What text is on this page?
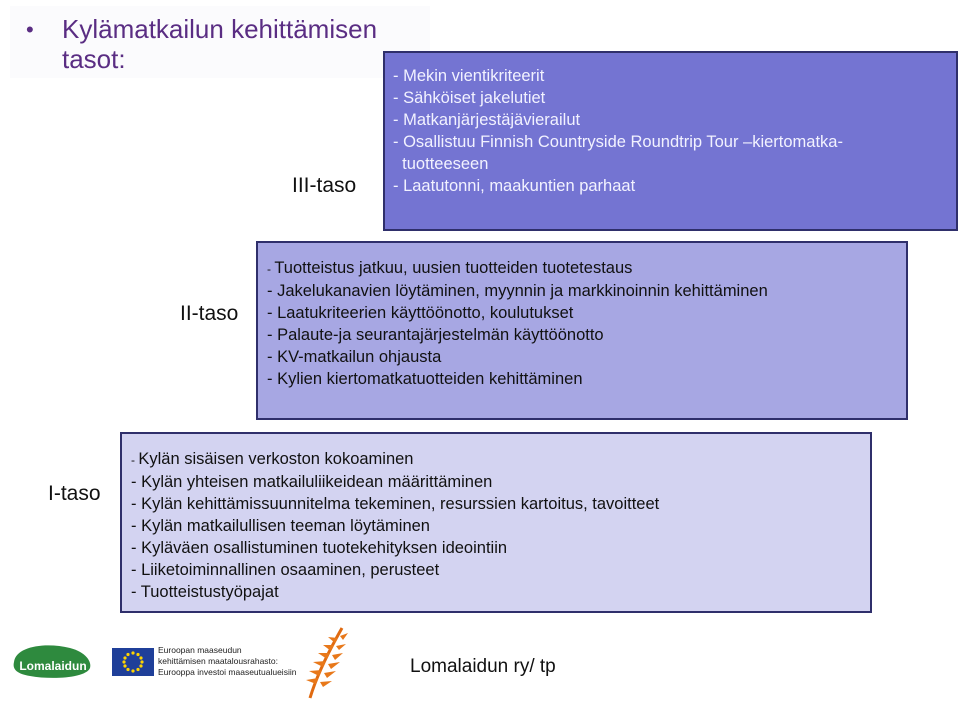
• Kylämatkailun kehittämisen tasot:
III-taso
- Mekin vientikriteerit
- Sähköiset jakelutiet
- Matkanjärjestäjävierailut
- Osallistuu Finnish Countryside Roundtrip Tour –kiertomatka-
tuotteeseen
- Laatutonni, maakuntien parhaat
II-taso
- Tuotteistus jatkuu, uusien tuotteiden tuotetestaus
- Jakelukanavien löytäminen, myynnin ja markkinoinnin kehittäminen
- Laatukriteerien käyttöönotto, koulutukset
- Palaute-ja seurantajärjestelmän käyttöönotto
- KV-matkailun ohjausta
- Kylien kiertomatkatuotteiden kehittäminen
I-taso
- Kylän sisäisen verkoston kokoaminen
- Kylän yhteisen matkailuliikeidean määrittäminen
- Kylän kehittämissuunnitelma tekeminen, resurssien kartoitus, tavoitteet
- Kylän matkailullisen teeman löytäminen
- Kyläväen osallistuminen tuotekehityksen ideointiin
- Liiketoiminnallinen osaaminen, perusteet
- Tuotteistustyöpajat
Lomalaidun
Euroopan maaseudun
kehittämisen maatalousrahasto:
Eurooppa investoi maaseutualueisiin	Lomalaidun ry/ tp
